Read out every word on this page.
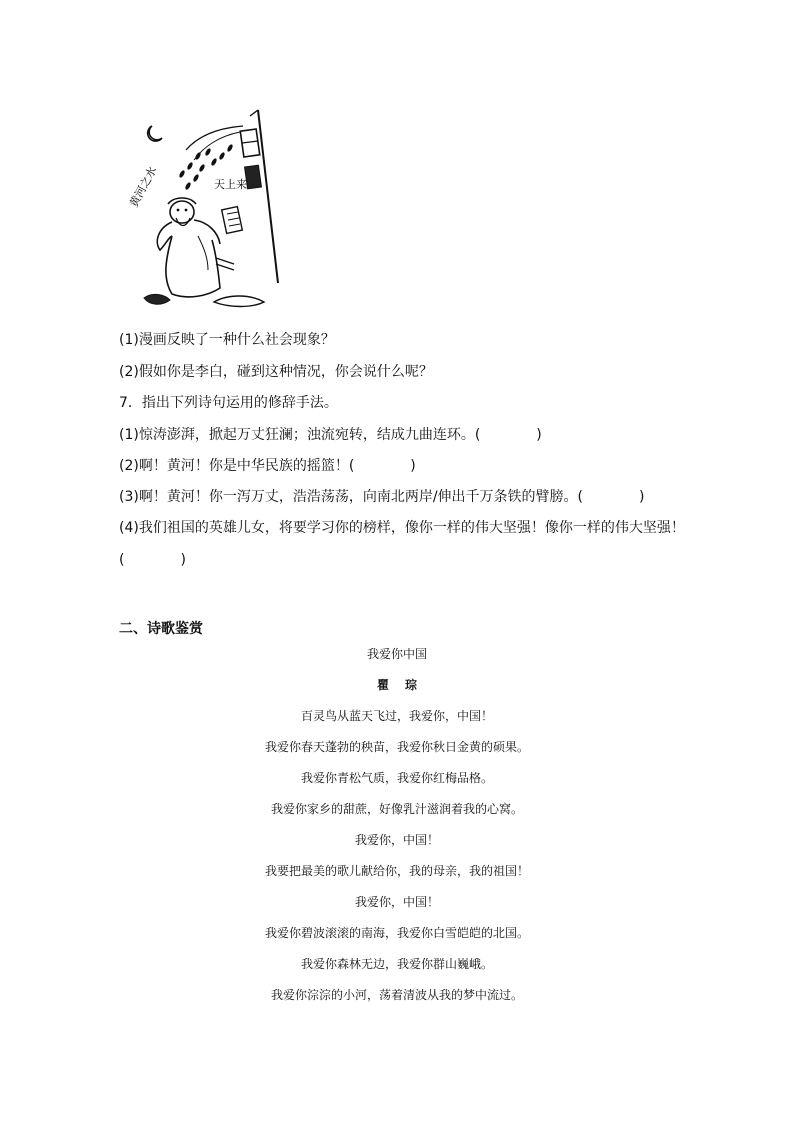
黄河之水	天上来
(1)漫画反映了一种什么社会现象？
(2)假如你是李白，碰到这种情况，你会说什么呢？
7．指出下列诗句运用的修辞手法。
(1)惊涛澎湃，掀起万丈狂澜；浊流宛转，结成九曲连环。(　　　　)
(2)啊！黄河！你是中华民族的摇篮！(　　　　)
(3)啊！黄河！你一泻万丈，浩浩荡荡，向南北两岸/伸出千万条铁的臂膀。(　　　　)
(4)我们祖国的英雄儿女，将要学习你的榜样，像你一样的伟大坚强！像你一样的伟大坚强！
(　　　　)
二、诗歌鉴赏
我爱你中国
瞿 琮
百灵鸟从蓝天飞过，我爱你，中国！
我爱你春天蓬勃的秧苗，我爱你秋日金黄的硕果。
我爱你青松气质，我爱你红梅品格。
我爱你家乡的甜蔗，好像乳汁滋润着我的心窝。
我爱你，中国！
我要把最美的歌儿献给你，我的母亲，我的祖国！
我爱你，中国！
我爱你碧波滚滚的南海，我爱你白雪皑皑的北国。
我爱你森林无边，我爱你群山巍峨。
我爱你淙淙的小河，荡着清波从我的梦中流过。
